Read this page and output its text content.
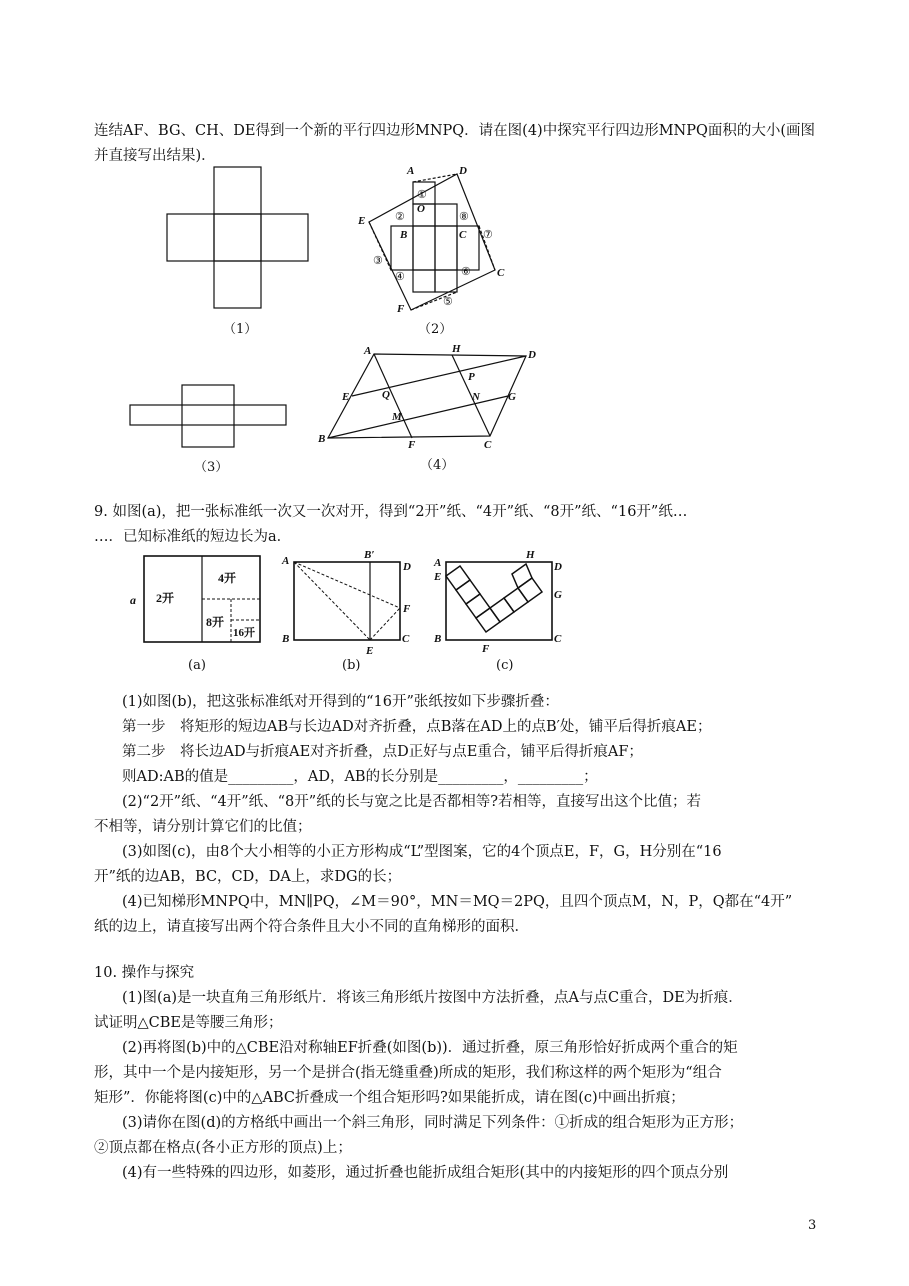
连结AF、BG、CH、DE得到一个新的平行四边形MNPQ．请在图(4)中探究平行四边形MNPQ面积的大小(画图
并直接写出结果)．
（1）
A	D
E
O
B	C
C
F
①
②
③
④
⑤
⑥
⑦
⑧
（2）
（3）
A	H	D
P
E	Q	N	G
M
B	F	C
（4）
9. 如图(a)，把一张标准纸一次又一次对开，得到“2开”纸、“4开”纸、“8开”纸、“16开”纸…
…．已知标准纸的短边长为a．
a 2开
4开
8开
16开
(a)
A	B′
D
F
B
E
C
(b)
H
A	D
E
G
B
F
C
(c)
(1)如图(b)，把这张标准纸对开得到的“16开”张纸按如下步骤折叠：
第一步　将矩形的短边AB与长边AD对齐折叠，点B落在AD上的点B′处，铺平后得折痕AE；
第二步　将长边AD与折痕AE对齐折叠，点D正好与点E重合，铺平后得折痕AF；
则AD:AB的值是_________，AD，AB的长分别是_________，_________；
(2)“2开”纸、“4开”纸、“8开”纸的长与宽之比是否都相等?若相等，直接写出这个比值；若
不相等，请分别计算它们的比值；
(3)如图(c)，由8个大小相等的小正方形构成“L”型图案，它的4个顶点E，F，G，H分别在“16
开”纸的边AB，BC，CD，DA上，求DG的长；
(4)已知梯形MNPQ中，MN∥PQ，∠M＝90°，MN＝MQ＝2PQ，且四个顶点M，N，P，Q都在“4开”
纸的边上，请直接写出两个符合条件且大小不同的直角梯形的面积．
10. 操作与探究
(1)图(a)是一块直角三角形纸片．将该三角形纸片按图中方法折叠，点A与点C重合，DE为折痕．
试证明△CBE是等腰三角形；
(2)再将图(b)中的△CBE沿对称轴EF折叠(如图(b))．通过折叠，原三角形恰好折成两个重合的矩
形，其中一个是内接矩形，另一个是拼合(指无缝重叠)所成的矩形，我们称这样的两个矩形为“组合
矩形”．你能将图(c)中的△ABC折叠成一个组合矩形吗?如果能折成，请在图(c)中画出折痕；
(3)请你在图(d)的方格纸中画出一个斜三角形，同时满足下列条件：①折成的组合矩形为正方形；
②顶点都在格点(各小正方形的顶点)上；
(4)有一些特殊的四边形，如菱形，通过折叠也能折成组合矩形(其中的内接矩形的四个顶点分别
3
